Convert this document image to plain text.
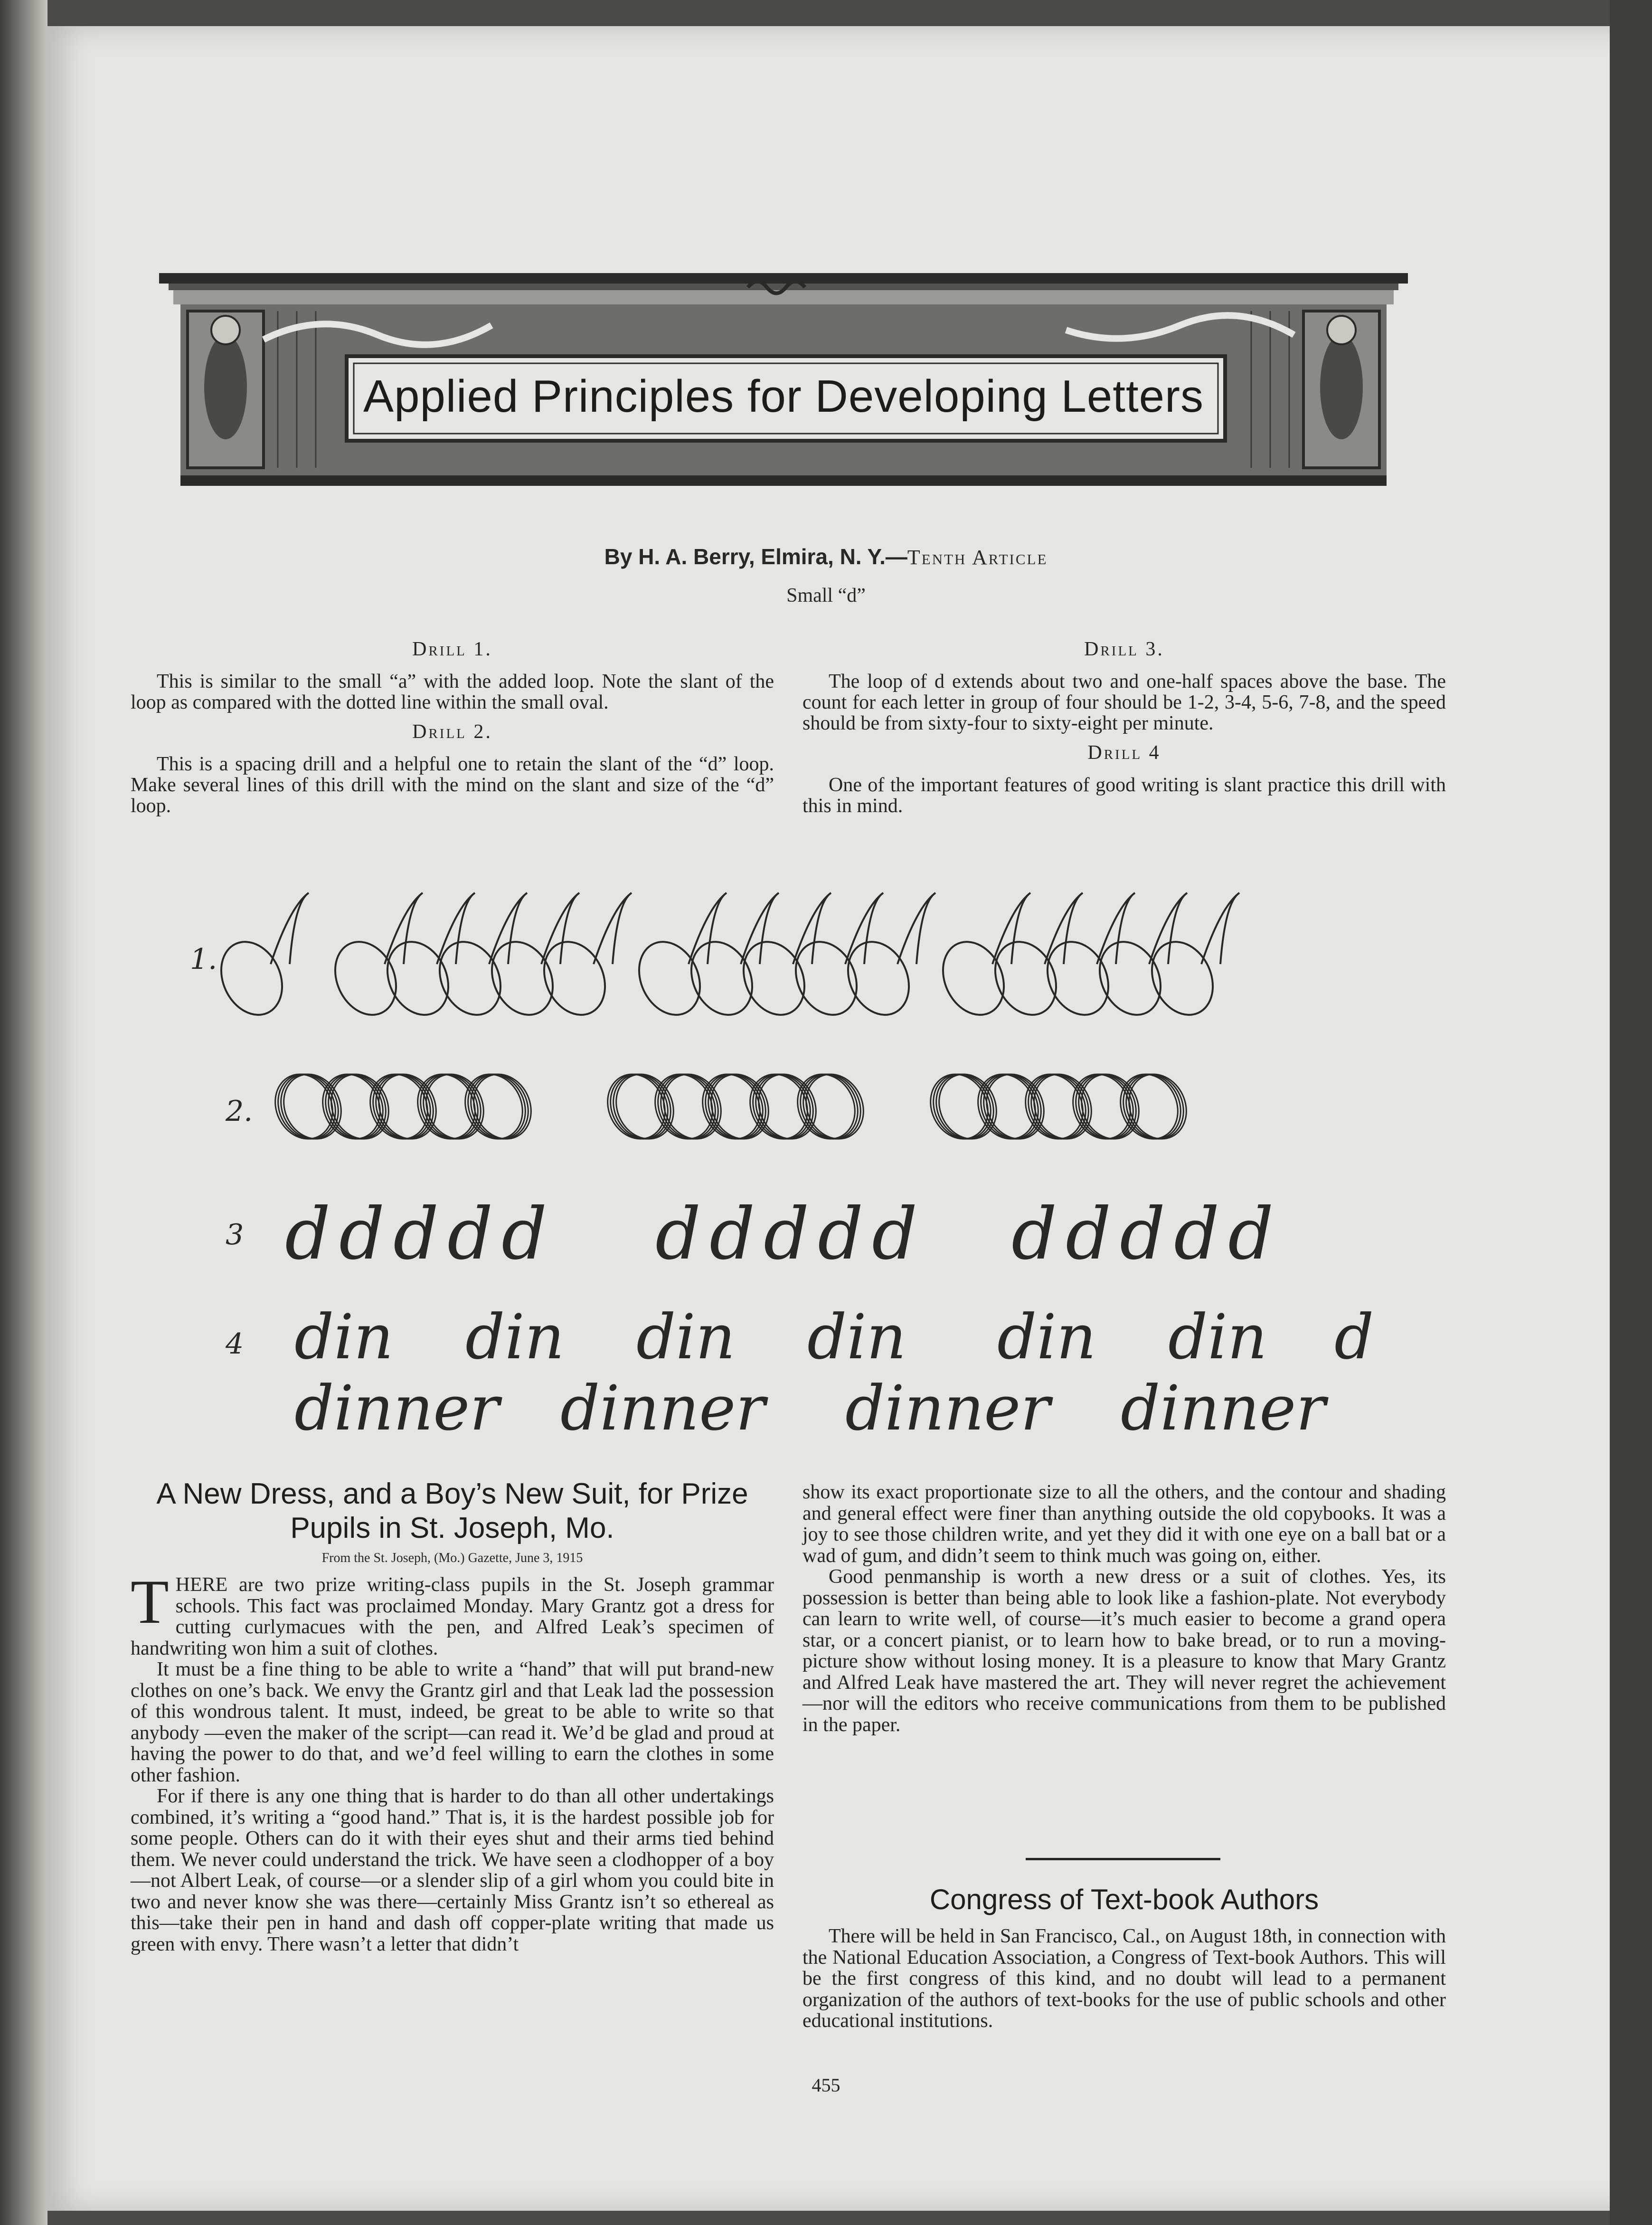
Applied Principles for Developing Letters
By H. A. Berry, Elmira, N. Y.—Tenth Article
Small “d”

Drill 1.

This is similar to the small “a” with the added loop. Note the slant of the loop as compared with the dotted line within the small oval.

Drill 2.

This is a spacing drill and a helpful one to retain the slant of the “d” loop. Make several lines of this drill with the mind on the slant and size of the “d” loop.

Drill 3.

The loop of d extends about two and one-half spaces above the base. The count for each letter in group of four should be 1-2, 3-4, 5-6, 7-8, and the speed should be from sixty-four to sixty-eight per minute.

Drill 4

One of the important features of good writing is slant practice this drill with this in mind.

1.
2.
3
4
ddddd ddddd ddddd
din din din din din din d
dinner dinner dinner dinner
A New Dress, and a Boy’s New Suit, for Prize Pupils in St. Joseph, Mo.
From the St. Joseph, (Mo.) Gazette, June 3, 1915

THERE are two prize writing-class pupils in the St. Joseph grammar schools. This fact was proclaimed Monday. Mary Grantz got a dress for cutting curlymacues with the pen, and Alfred Leak’s specimen of handwriting won him a suit of clothes.

It must be a fine thing to be able to write a “hand” that will put brand-new clothes on one’s back. We envy the Grantz girl and that Leak lad the possession of this wondrous talent. It must, indeed, be great to be able to write so that anybody —even the maker of the script—can read it. We’d be glad and proud at having the power to do that, and we’d feel willing to earn the clothes in some other fashion.

For if there is any one thing that is harder to do than all other undertakings combined, it’s writing a “good hand.” That is, it is the hardest possible job for some people. Others can do it with their eyes shut and their arms tied behind them. We never could understand the trick. We have seen a clodhopper of a boy—not Albert Leak, of course—or a slender slip of a girl whom you could bite in two and never know she was there—certainly Miss Grantz isn’t so ethereal as this—take their pen in hand and dash off copper-plate writing that made us green with envy. There wasn’t a letter that didn’t

show its exact proportionate size to all the others, and the contour and shading and general effect were finer than anything outside the old copybooks. It was a joy to see those children write, and yet they did it with one eye on a ball bat or a wad of gum, and didn’t seem to think much was going on, either.

Good penmanship is worth a new dress or a suit of clothes. Yes, its possession is better than being able to look like a fashion-plate. Not everybody can learn to write well, of course—it’s much easier to become a grand opera star, or a concert pianist, or to learn how to bake bread, or to run a moving-picture show without losing money. It is a pleasure to know that Mary Grantz and Alfred Leak have mastered the art. They will never regret the achievement—nor will the editors who receive communications from them to be published in the paper.

Congress of Text-book Authors

There will be held in San Francisco, Cal., on August 18th, in connection with the National Education Association, a Congress of Text-book Authors. This will be the first congress of this kind, and no doubt will lead to a permanent organization of the authors of text-books for the use of public schools and other educational institutions.

455
